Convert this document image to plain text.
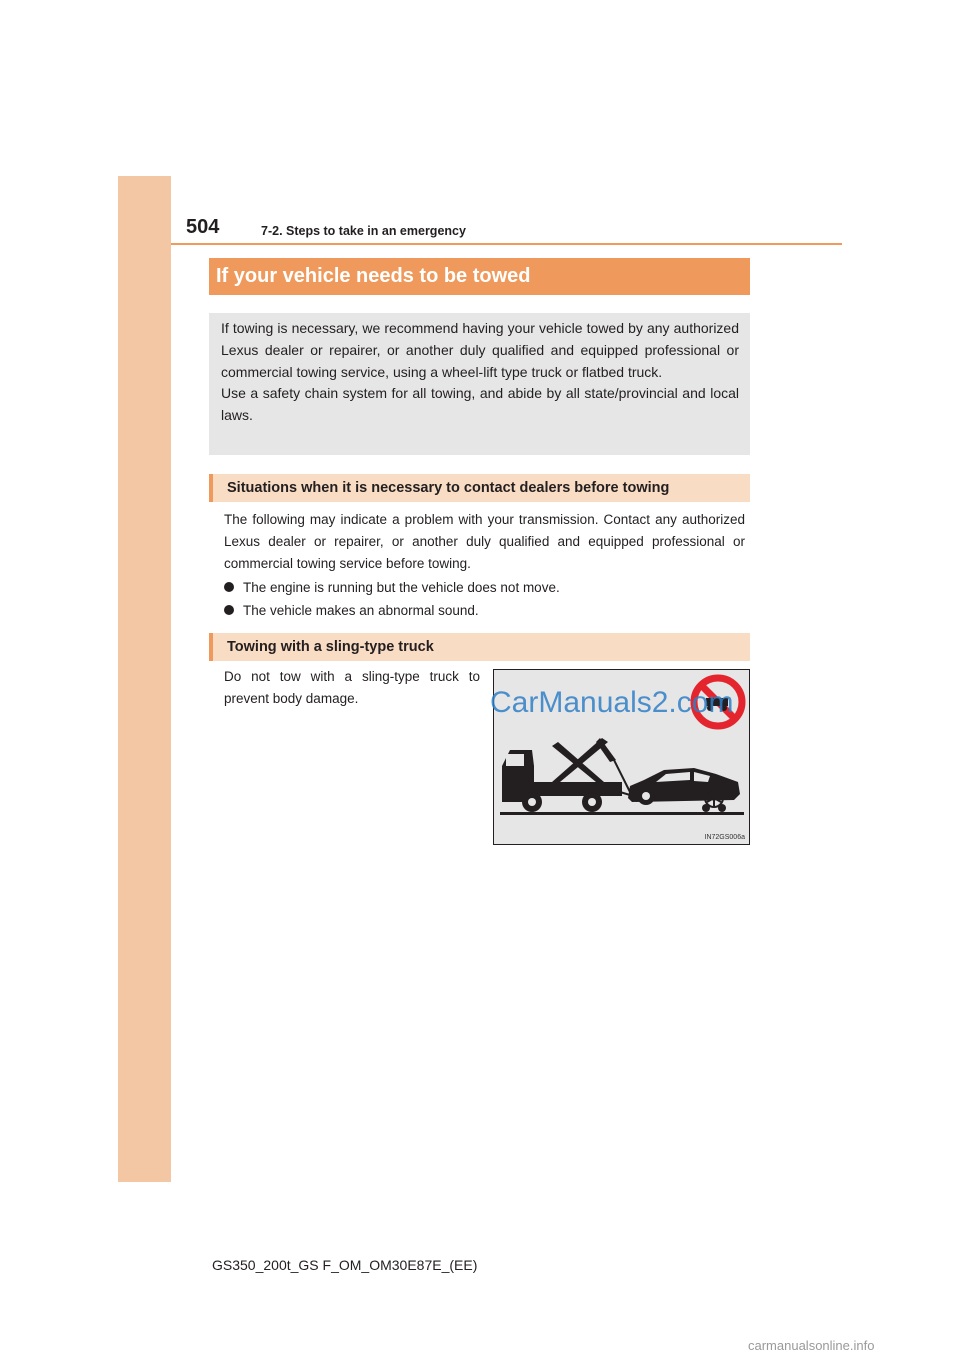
504	7-2. Steps to take in an emergency
If your vehicle needs to be towed

If towing is necessary, we recommend having your vehicle towed by any authorized Lexus dealer or repairer, or another duly qualified and equipped professional or commercial towing service, using a wheel-lift type truck or flatbed truck.

Use a safety chain system for all towing, and abide by all state/provincial and local laws.

Situations when it is necessary to contact dealers before towing

The following may indicate a problem with your transmission. Contact any authorized Lexus dealer or repairer, or another duly qualified and equipped professional or commercial towing service before towing.

The engine is running but the vehicle does not move.
The vehicle makes an abnormal sound.
Towing with a sling-type truck

Do not tow with a sling-type truck to prevent body damage.

IN72GS006a
CarManuals2.com
GS350_200t_GS F_OM_OM30E87E_(EE)
carmanualsonline.info
